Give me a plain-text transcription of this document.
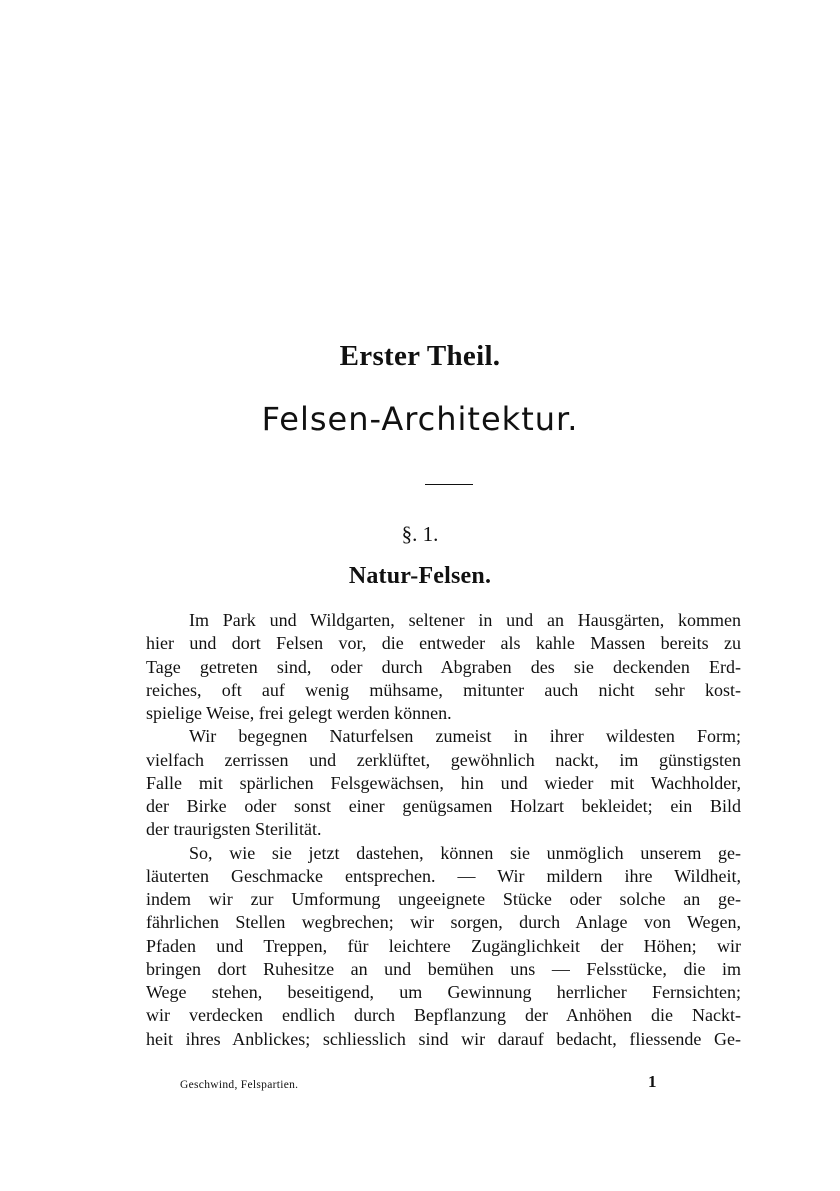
Erster Theil.
Felsen-Architektur.
§. 1.
Natur-Felsen.
Im Park und Wildgarten, seltener in und an Hausgärten, kommen
hier und dort Felsen vor, die entweder als kahle Massen bereits zu
Tage getreten sind, oder durch Abgraben des sie deckenden Erd-
reiches, oft auf wenig mühsame, mitunter auch nicht sehr kost-
spielige Weise, frei gelegt werden können.
Wir begegnen Naturfelsen zumeist in ihrer wildesten Form;
vielfach zerrissen und zerklüftet, gewöhnlich nackt, im günstigsten
Falle mit spärlichen Felsgewächsen, hin und wieder mit Wachholder,
der Birke oder sonst einer genügsamen Holzart bekleidet; ein Bild
der traurigsten Sterilität.
So, wie sie jetzt dastehen, können sie unmöglich unserem ge-
läuterten Geschmacke entsprechen. — Wir mildern ihre Wildheit,
indem wir zur Umformung ungeeignete Stücke oder solche an ge-
fährlichen Stellen wegbrechen; wir sorgen, durch Anlage von Wegen,
Pfaden und Treppen, für leichtere Zugänglichkeit der Höhen; wir
bringen dort Ruhesitze an und bemühen uns — Felsstücke, die im
Wege stehen, beseitigend, um Gewinnung herrlicher Fernsichten;
wir verdecken endlich durch Bepflanzung der Anhöhen die Nackt-
heit ihres Anblickes; schliesslich sind wir darauf bedacht, fliessende Ge-
Geschwind, Felspartien.	1
